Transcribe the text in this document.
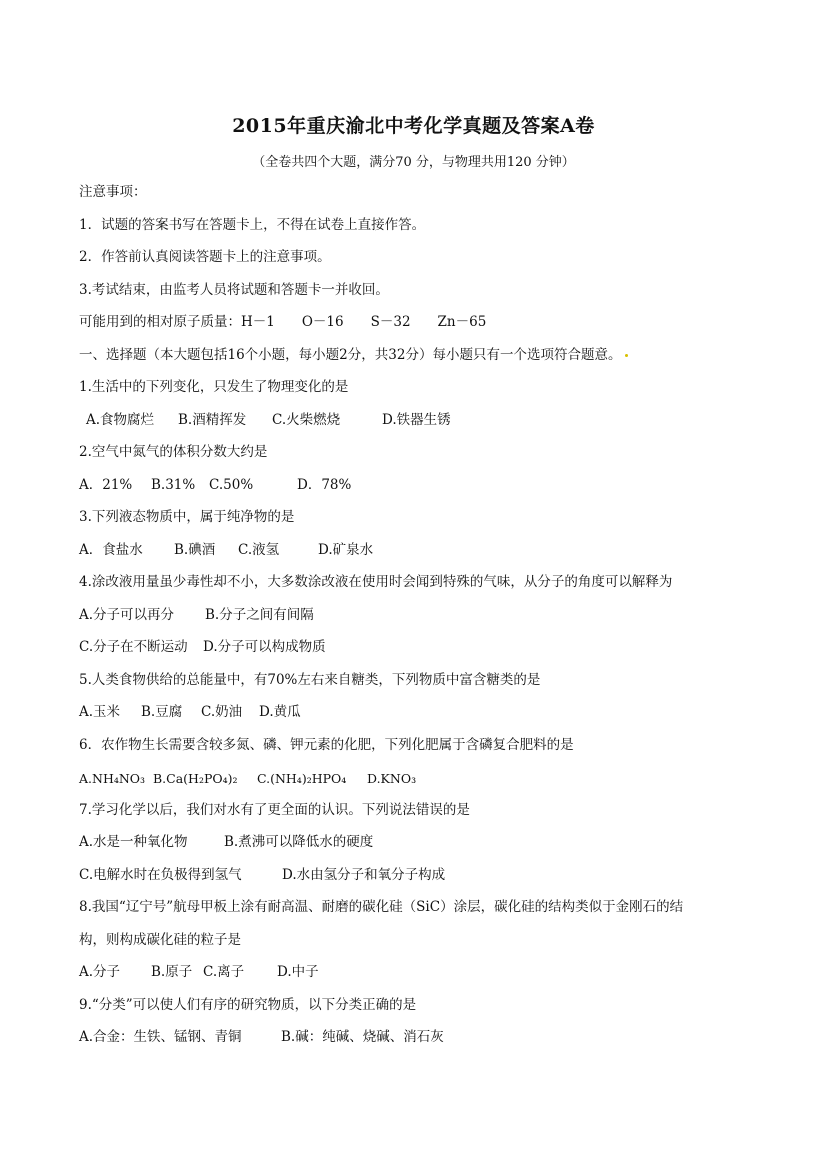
2015年重庆渝北中考化学真题及答案A卷
（全卷共四个大题，满分70 分，与物理共用120 分钟）
注意事项：
1．试题的答案书写在答题卡上，不得在试卷上直接作答。
2．作答前认真阅读答题卡上的注意事项。
3.考试结束，由监考人员将试题和答题卡一并收回。
可能用到的相对原子质量：H－1　　O－16　　S－32　　Zn－65
一、选择题（本大题包括16个小题，每小题2分，共32分）每小题只有一个选项符合题意。
1.生活中的下列变化，只发生了物理变化的是
A.食物腐烂 B.酒精挥发 C.火柴燃烧	D.铁器生锈
2.空气中氮气的体积分数大约是
A．21% B.31% C.50%	D．78%
3.下列液态物质中，属于纯净物的是
A．食盐水 B.碘酒 C.液氢	D.矿泉水
4.涂改液用量虽少毒性却不小，大多数涂改液在使用时会闻到特殊的气味，从分子的角度可以解释为
A.分子可以再分 B.分子之间有间隔
C.分子在不断运动 D.分子可以构成物质
5.人类食物供给的总能量中，有70%左右来自糖类，下列物质中富含糖类的是
A.玉米 B.豆腐 C.奶油 D.黄瓜
6．农作物生长需要含较多氮、磷、钾元素的化肥，下列化肥属于含磷复合肥料的是
A.NH₄NO₃ B.Ca(H₂PO₄)₂ C.(NH₄)₂HPO₄ D.KNO₃
7.学习化学以后，我们对水有了更全面的认识。下列说法错误的是
A.水是一种氧化物	B.煮沸可以降低水的硬度
C.电解水时在负极得到氢气	D.水由氢分子和氧分子构成
8.我国“辽宁号”航母甲板上涂有耐高温、耐磨的碳化硅（SiC）涂层，碳化硅的结构类似于金刚石的结
构，则构成碳化硅的粒子是
A.分子 B.原子 C.离子 D.中子
9.“分类”可以使人们有序的研究物质，以下分类正确的是
A.合金：生铁、锰钢、青铜	B.碱：纯碱、烧碱、消石灰
